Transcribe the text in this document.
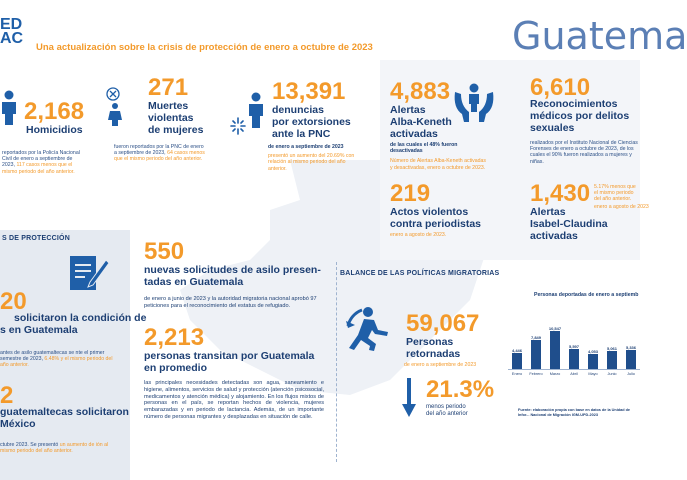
ED
AC
Una actualización sobre la crisis de protección de enero a octubre de 2023	Guatema
2,168
Homicidios
reportados por la Policía Nacional Civil de enero a septiembre de 2023, 117 casos menos que el mismo periodo del año anterior.
271
Muertes
violentas
de mujeres
fueron reportados por la PNC de enero a septiembre de 2023, 64 casos menos que el mismo periodo del año anterior.
13,391
denuncias
por extorsiones
ante la PNC
de enero a septiembre de 2023
presentó un aumento del 20.69% con relación al mismo periodo del año anterior.
4,883
Alertas
Alba-Keneth
activadas
de las cuales el 48% fueron desactivadas
Número de Alertas Alba-Keneth activadas y desactivadas, enero a octubre de 2023.
6,610
Reconocimientos
médicos por delitos
sexuales
realizados por el Instituto Nacional de Ciencias Forenses de enero a octubre de 2023, de los cuales el 90% fueron realizados a mujeres y niñas.
219
Actos violentos
contra periodistas
enero a agosto de 2023.
1,430 5.17% menos que el mismo periodo del año anterior.
enero a agosto de 2023
Alertas
Isabel-Claudina
activadas
S DE PROTECCIÓN
20
solicitaron la condición de
s en Guatemala
antes de asilo guatemaltecas se nte el primer semestre de 2023, 6.48% y el mismo periodo del año anterior.
2
guatemaltecas solicitaron
México
ctubre 2023. Se presentó un aumento de ión al mismo periodo del año anterior.
550
nuevas solicitudes de asilo presen-
tadas en Guatemala
de enero a junio de 2023 y la autoridad migratoria nacional aprobó 97 peticiones para el reconocimiento del estatus de refugiado.
2,213
personas transitan por Guatemala
en promedio
las principales necesidades detectadas son agua, saneamiento e higiene, alimentos, servicios de salud y protección (atención psicosocial, medicamentos y atención médica) y alojamiento. En los flujos mixtos de personas en el país, se reportan hechos de violencia, mujeres embarazadas y en periodo de lactancia. Además, de un importante número de personas migrantes y desplazadas en situación de calle.
BALANCE DE LAS POLÍTICAS MIGRATORIAS
59,067
Personas
retornadas
de enero a septiembre de 2023
21.3%
menos periodo
del año anterior
Personas deportadas de enero a septiemb
4,446
7,849
10,547
5,597
4,053
5,061	5,336
Enero	Febrero	Marzo	Abril	Mayo	Junio	Julio
Fuente: elaboración propia con base en datos de la Unidad de Infor... Nacional de Migración IGM-UPD-2023
